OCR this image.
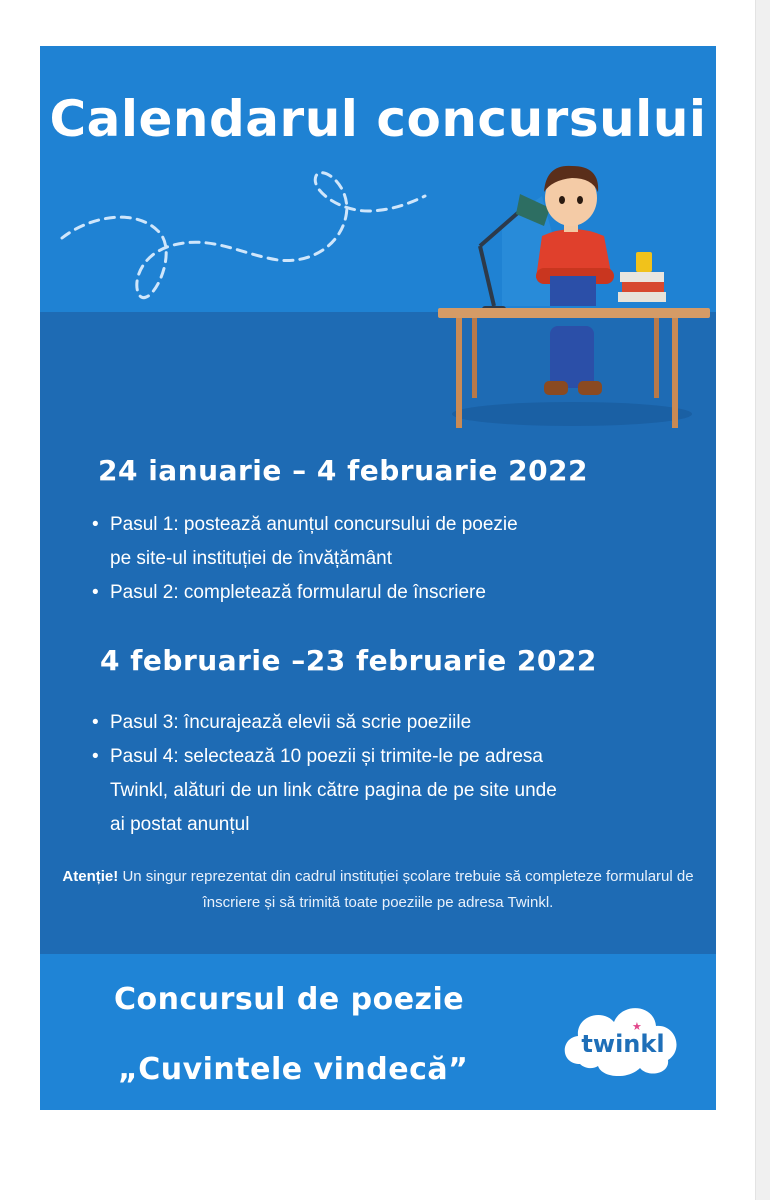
Calendarul concursului
24 ianuarie – 4 februarie 2022
• Pasul 1: postează anunțul concursului de poezie pe site-ul instituției de învățământ
• Pasul 2: completează formularul de înscriere
4 februarie –23 februarie 2022
• Pasul 3: încurajează elevii să scrie poeziile
• Pasul 4: selectează 10 poezii și trimite-le pe adresa Twinkl, alături de un link către pagina de pe site unde ai postat anunțul
Atenție! Un singur reprezentat din cadrul instituției școlare trebuie să completeze formularul de înscriere și să trimită toate poeziile pe adresa Twinkl.
Concursul de poezie
„Cuvintele vindecă”
twinkl
★
